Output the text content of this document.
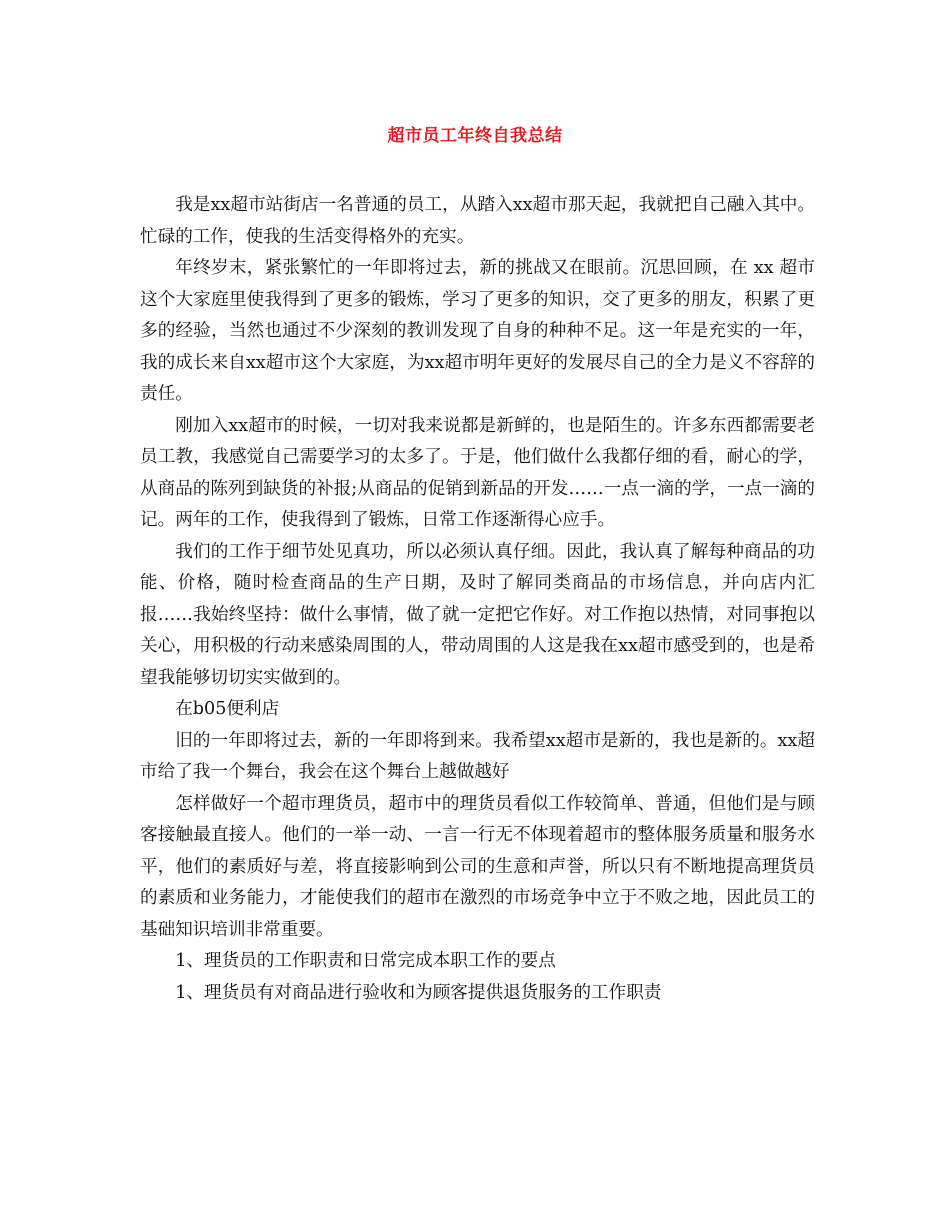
超市员工年终自我总结

我是xx超市站街店一名普通的员工，从踏入xx超市那天起，我就把自己融入其中。忙碌的工作，使我的生活变得格外的充实。

年终岁末，紧张繁忙的一年即将过去，新的挑战又在眼前。沉思回顾，在 xx 超市这个大家庭里使我得到了更多的锻炼，学习了更多的知识，交了更多的朋友，积累了更多的经验，当然也通过不少深刻的教训发现了自身的种种不足。这一年是充实的一年，我的成长来自xx超市这个大家庭，为xx超市明年更好的发展尽自己的全力是义不容辞的责任。

刚加入xx超市的时候，一切对我来说都是新鲜的，也是陌生的。许多东西都需要老员工教，我感觉自己需要学习的太多了。于是，他们做什么我都仔细的看，耐心的学，从商品的陈列到缺货的补报;从商品的促销到新品的开发……一点一滴的学，一点一滴的记。两年的工作，使我得到了锻炼，日常工作逐渐得心应手。

我们的工作于细节处见真功，所以必须认真仔细。因此，我认真了解每种商品的功能、价格，随时检查商品的生产日期，及时了解同类商品的市场信息，并向店内汇报……我始终坚持：做什么事情，做了就一定把它作好。对工作抱以热情，对同事抱以关心，用积极的行动来感染周围的人，带动周围的人这是我在xx超市感受到的，也是希望我能够切切实实做到的。

在b05便利店

旧的一年即将过去，新的一年即将到来。我希望xx超市是新的，我也是新的。xx超市给了我一个舞台，我会在这个舞台上越做越好

怎样做好一个超市理货员，超市中的理货员看似工作较简单、普通，但他们是与顾客接触最直接人。他们的一举一动、一言一行无不体现着超市的整体服务质量和服务水平，他们的素质好与差，将直接影响到公司的生意和声誉，所以只有不断地提高理货员的素质和业务能力，才能使我们的超市在激烈的市场竞争中立于不败之地，因此员工的基础知识培训非常重要。

1、理货员的工作职责和日常完成本职工作的要点

1、理货员有对商品进行验收和为顾客提供退货服务的工作职责
